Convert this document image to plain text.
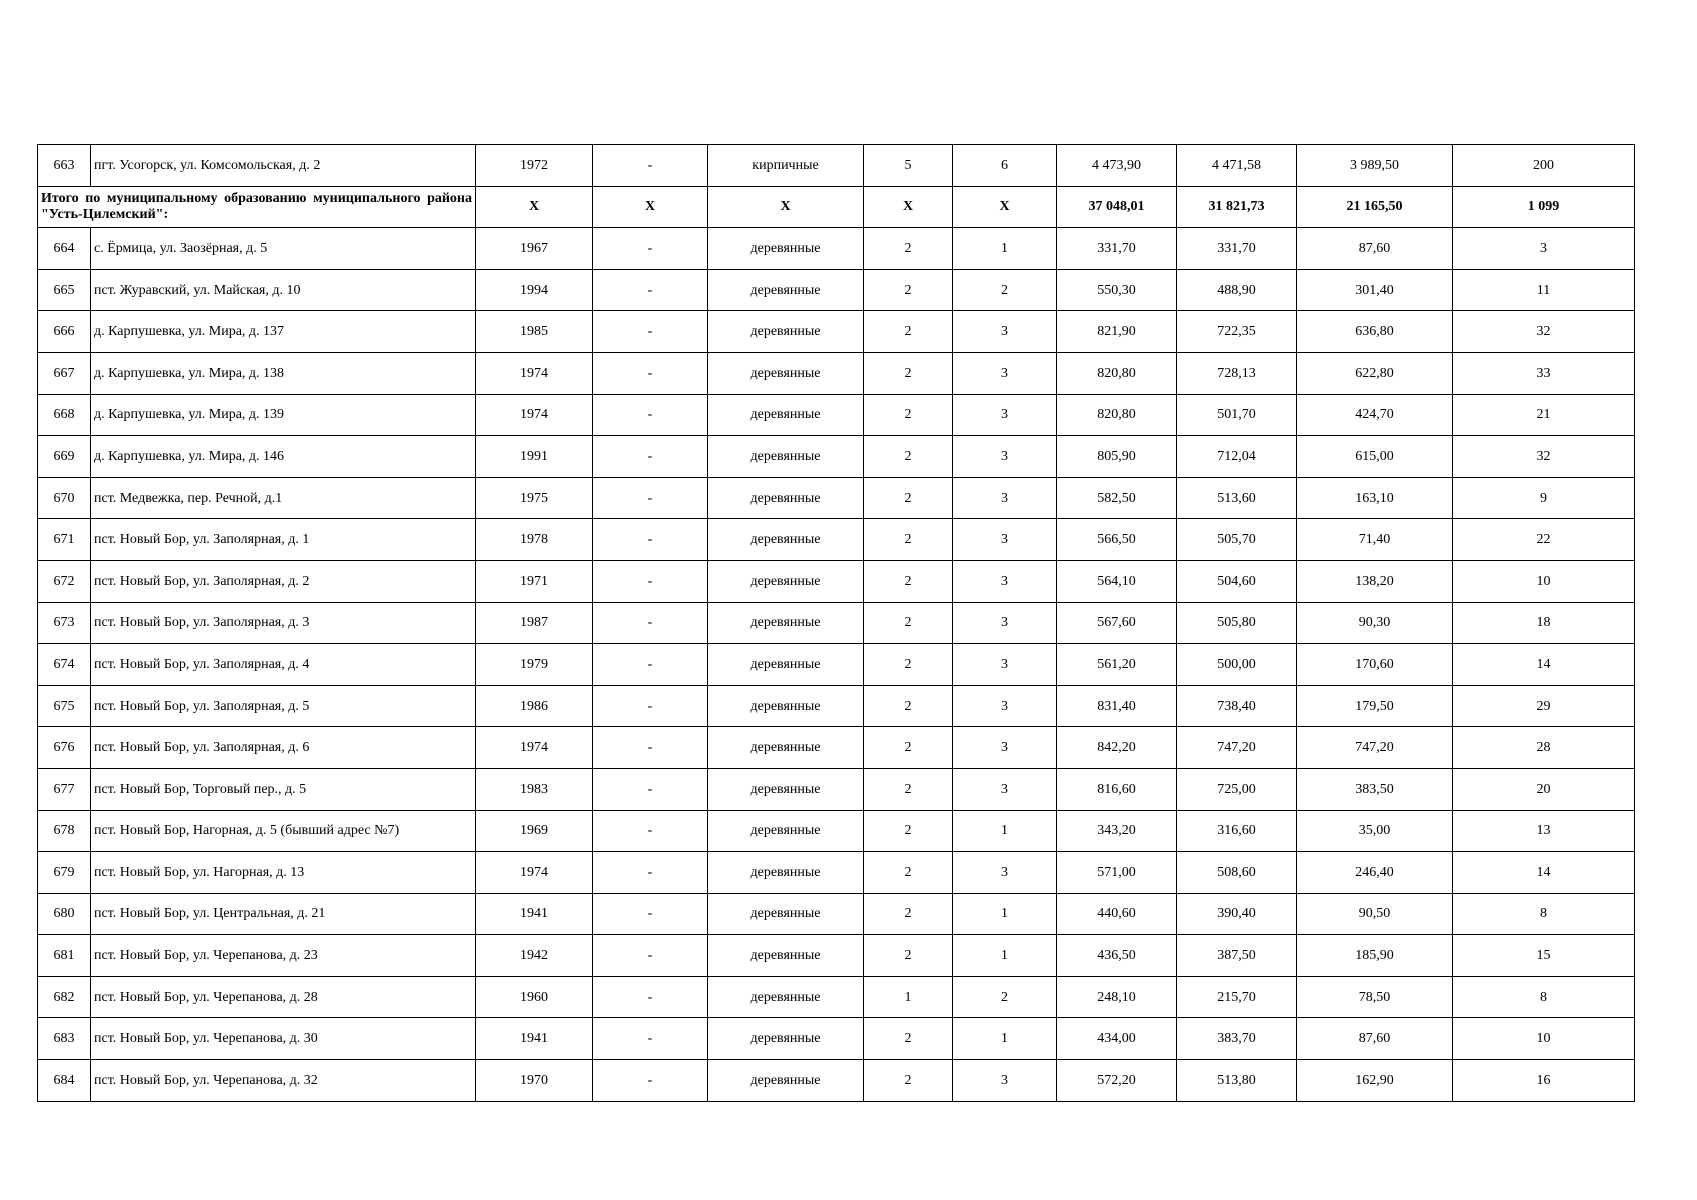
663	пгт. Усогорск, ул. Комсомольская, д. 2	1972	-	кирпичные	5	6	4 473,90	4 471,58	3 989,50	200
Итого по муниципальному образованию муниципального района "Усть-Цилемский":		Х	Х	Х	Х	Х	37 048,01	31 821,73	21 165,50	1 099
664	с. Ёрмица, ул. Заозёрная, д. 5	1967	-	деревянные	2	1	331,70	331,70	87,60	3
665	пст. Журавский, ул. Майская, д. 10	1994	-	деревянные	2	2	550,30	488,90	301,40	11
666	д. Карпушевка, ул. Мира, д. 137	1985	-	деревянные	2	3	821,90	722,35	636,80	32
667	д. Карпушевка, ул. Мира, д. 138	1974	-	деревянные	2	3	820,80	728,13	622,80	33
668	д. Карпушевка, ул. Мира, д. 139	1974	-	деревянные	2	3	820,80	501,70	424,70	21
669	д. Карпушевка, ул. Мира, д. 146	1991	-	деревянные	2	3	805,90	712,04	615,00	32
670	пст. Медвежка, пер. Речной, д.1	1975	-	деревянные	2	3	582,50	513,60	163,10	9
671	пст. Новый Бор, ул. Заполярная, д. 1	1978	-	деревянные	2	3	566,50	505,70	71,40	22
672	пст. Новый Бор, ул. Заполярная, д. 2	1971	-	деревянные	2	3	564,10	504,60	138,20	10
673	пст. Новый Бор, ул. Заполярная, д. 3	1987	-	деревянные	2	3	567,60	505,80	90,30	18
674	пст. Новый Бор, ул. Заполярная, д. 4	1979	-	деревянные	2	3	561,20	500,00	170,60	14
675	пст. Новый Бор, ул. Заполярная, д. 5	1986	-	деревянные	2	3	831,40	738,40	179,50	29
676	пст. Новый Бор, ул. Заполярная, д. 6	1974	-	деревянные	2	3	842,20	747,20	747,20	28
677	пст. Новый Бор, Торговый пер., д. 5	1983	-	деревянные	2	3	816,60	725,00	383,50	20
678	пст. Новый Бор, Нагорная, д. 5 (бывший адрес №7)	1969	-	деревянные	2	1	343,20	316,60	35,00	13
679	пст. Новый Бор, ул. Нагорная, д. 13	1974	-	деревянные	2	3	571,00	508,60	246,40	14
680	пст. Новый Бор, ул. Центральная, д. 21	1941	-	деревянные	2	1	440,60	390,40	90,50	8
681	пст. Новый Бор, ул. Черепанова, д. 23	1942	-	деревянные	2	1	436,50	387,50	185,90	15
682	пст. Новый Бор, ул. Черепанова, д. 28	1960	-	деревянные	1	2	248,10	215,70	78,50	8
683	пст. Новый Бор, ул. Черепанова, д. 30	1941	-	деревянные	2	1	434,00	383,70	87,60	10
684	пст. Новый Бор, ул. Черепанова, д. 32	1970	-	деревянные	2	3	572,20	513,80	162,90	16
